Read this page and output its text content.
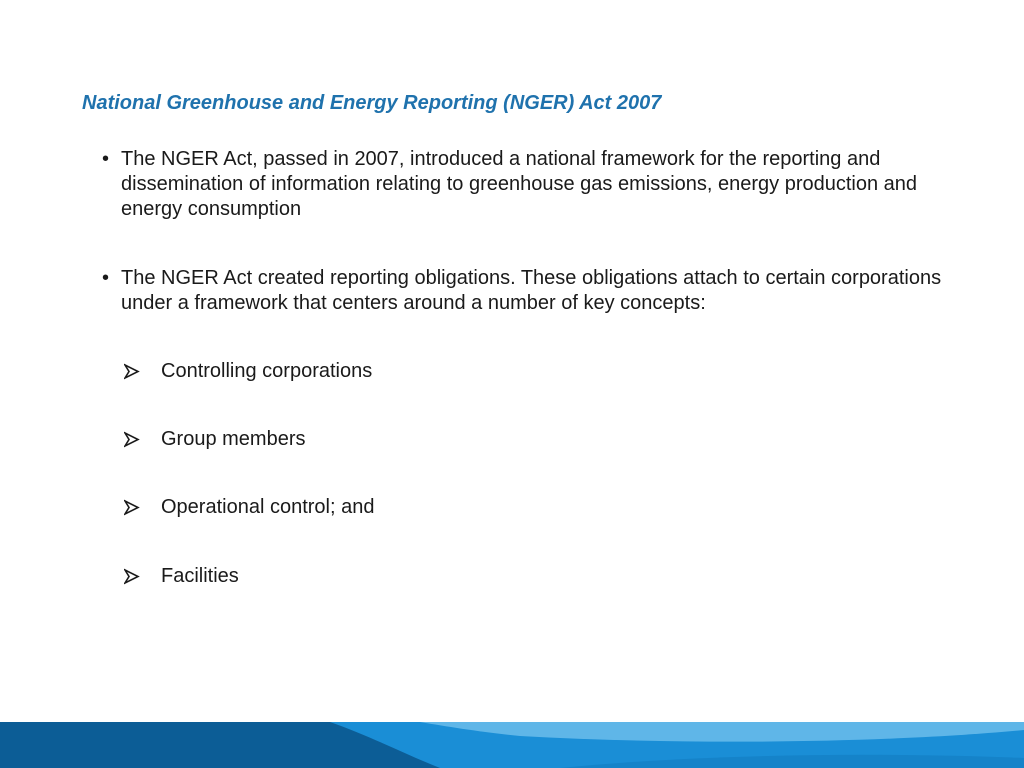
National Greenhouse and Energy Reporting (NGER) Act 2007
• The NGER Act, passed in 2007, introduced a national framework for the reporting and dissemination of information relating to greenhouse gas emissions, energy production and energy consumption
• The NGER Act created reporting obligations. These obligations attach to certain corporations under a framework that centers around a number of key concepts:
Controlling corporations
Group members
Operational control; and
Facilities
